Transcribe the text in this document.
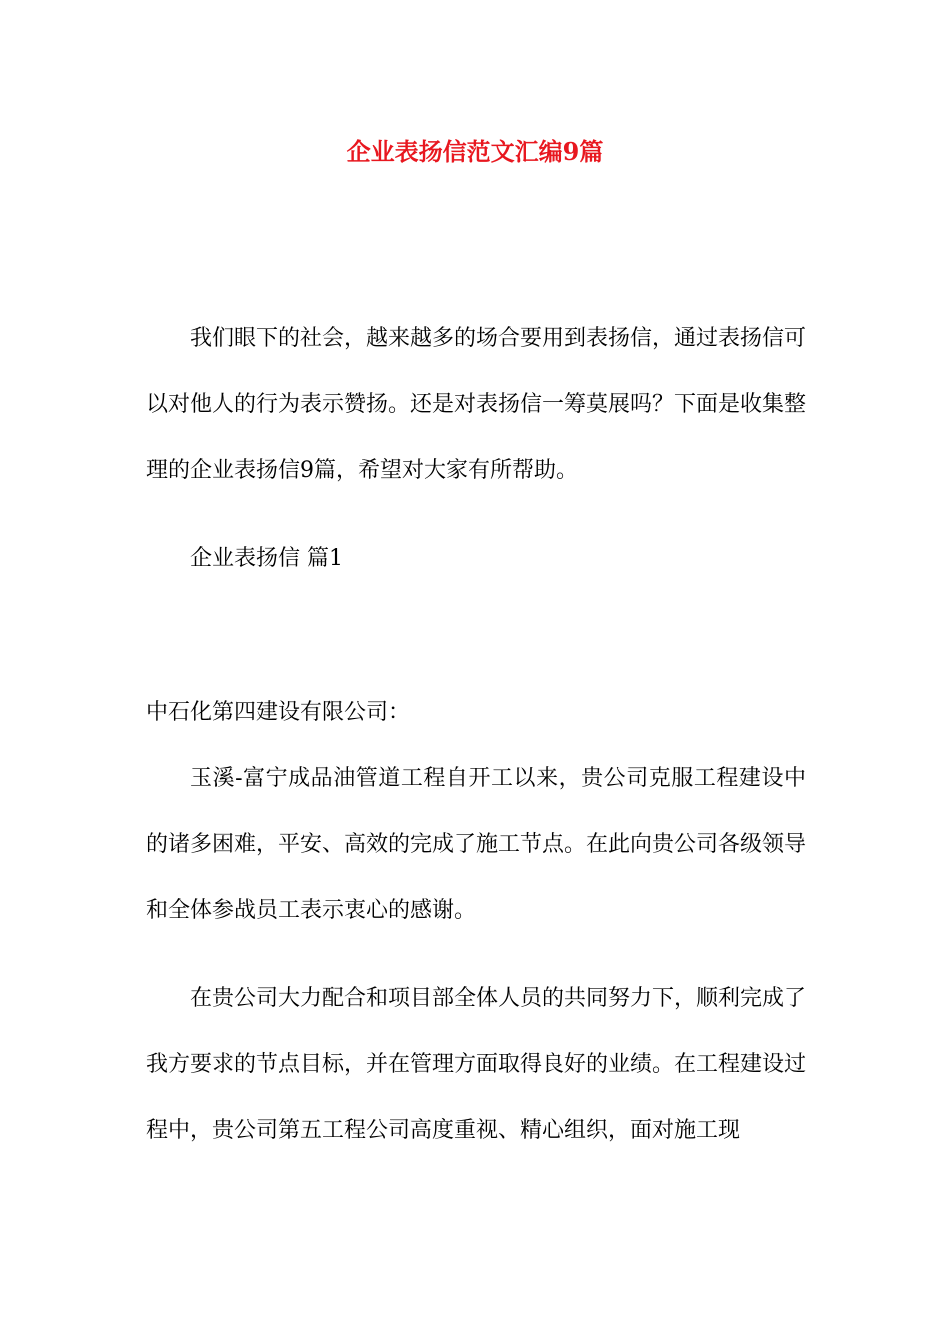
企业表扬信范文汇编9篇

我们眼下的社会，越来越多的场合要用到表扬信，通过表扬信可以对他人的行为表示赞扬。还是对表扬信一筹莫展吗？下面是收集整理的企业表扬信9篇，希望对大家有所帮助。

企业表扬信 篇1

中石化第四建设有限公司：

玉溪-富宁成品油管道工程自开工以来，贵公司克服工程建设中的诸多困难，平安、高效的完成了施工节点。在此向贵公司各级领导和全体参战员工表示衷心的感谢。

在贵公司大力配合和项目部全体人员的共同努力下，顺利完成了我方要求的节点目标，并在管理方面取得良好的业绩。在工程建设过程中，贵公司第五工程公司高度重视、精心组织，面对施工现
